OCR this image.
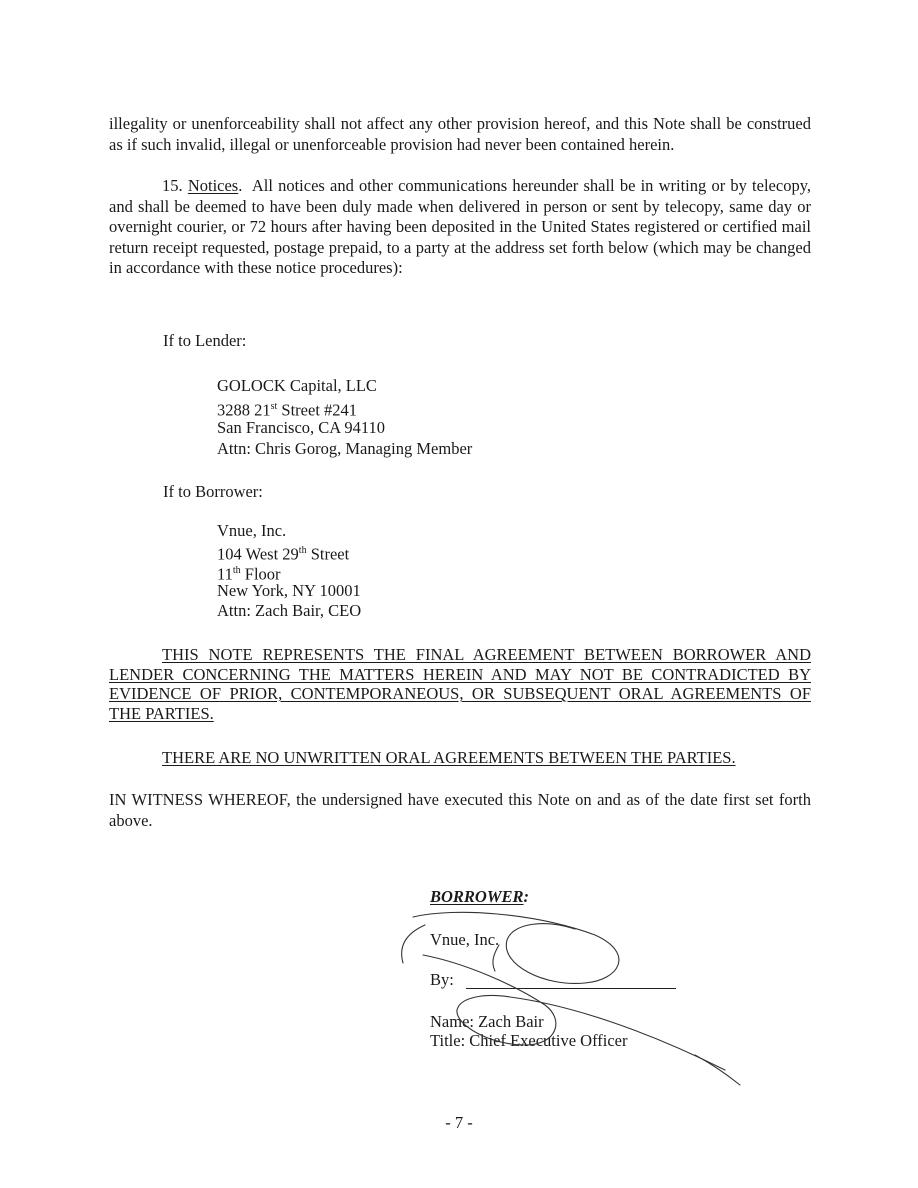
illegality or unenforceability shall not affect any other provision hereof, and this Note shall be construed as if such invalid, illegal or unenforceable provision had never been contained herein.

15. Notices.  All notices and other communications hereunder shall be in writing or by telecopy, and shall be deemed to have been duly made when delivered in person or sent by telecopy, same day or overnight courier, or 72 hours after having been deposited in the United States registered or certified mail return receipt requested, postage prepaid, to a party at the address set forth below (which may be changed in accordance with these notice procedures):

If to Lender:
GOLOCK Capital, LLC
3288 21st Street #241
San Francisco, CA 94110
Attn: Chris Gorog, Managing Member
If to Borrower:
Vnue, Inc.
104 West 29th Street
11th Floor
New York, NY 10001
Attn: Zach Bair, CEO

THIS NOTE REPRESENTS THE FINAL AGREEMENT BETWEEN BORROWER AND LENDER CONCERNING THE MATTERS HEREIN AND MAY NOT BE CONTRADICTED BY EVIDENCE OF PRIOR, CONTEMPORANEOUS, OR SUBSEQUENT ORAL AGREEMENTS OF THE PARTIES.

THERE ARE NO UNWRITTEN ORAL AGREEMENTS BETWEEN THE PARTIES.

IN WITNESS WHEREOF, the undersigned have executed this Note on and as of the date first set forth above.

BORROWER:
Vnue, Inc.
By:
Name: Zach Bair
Title: Chief Executive Officer
- 7 -
